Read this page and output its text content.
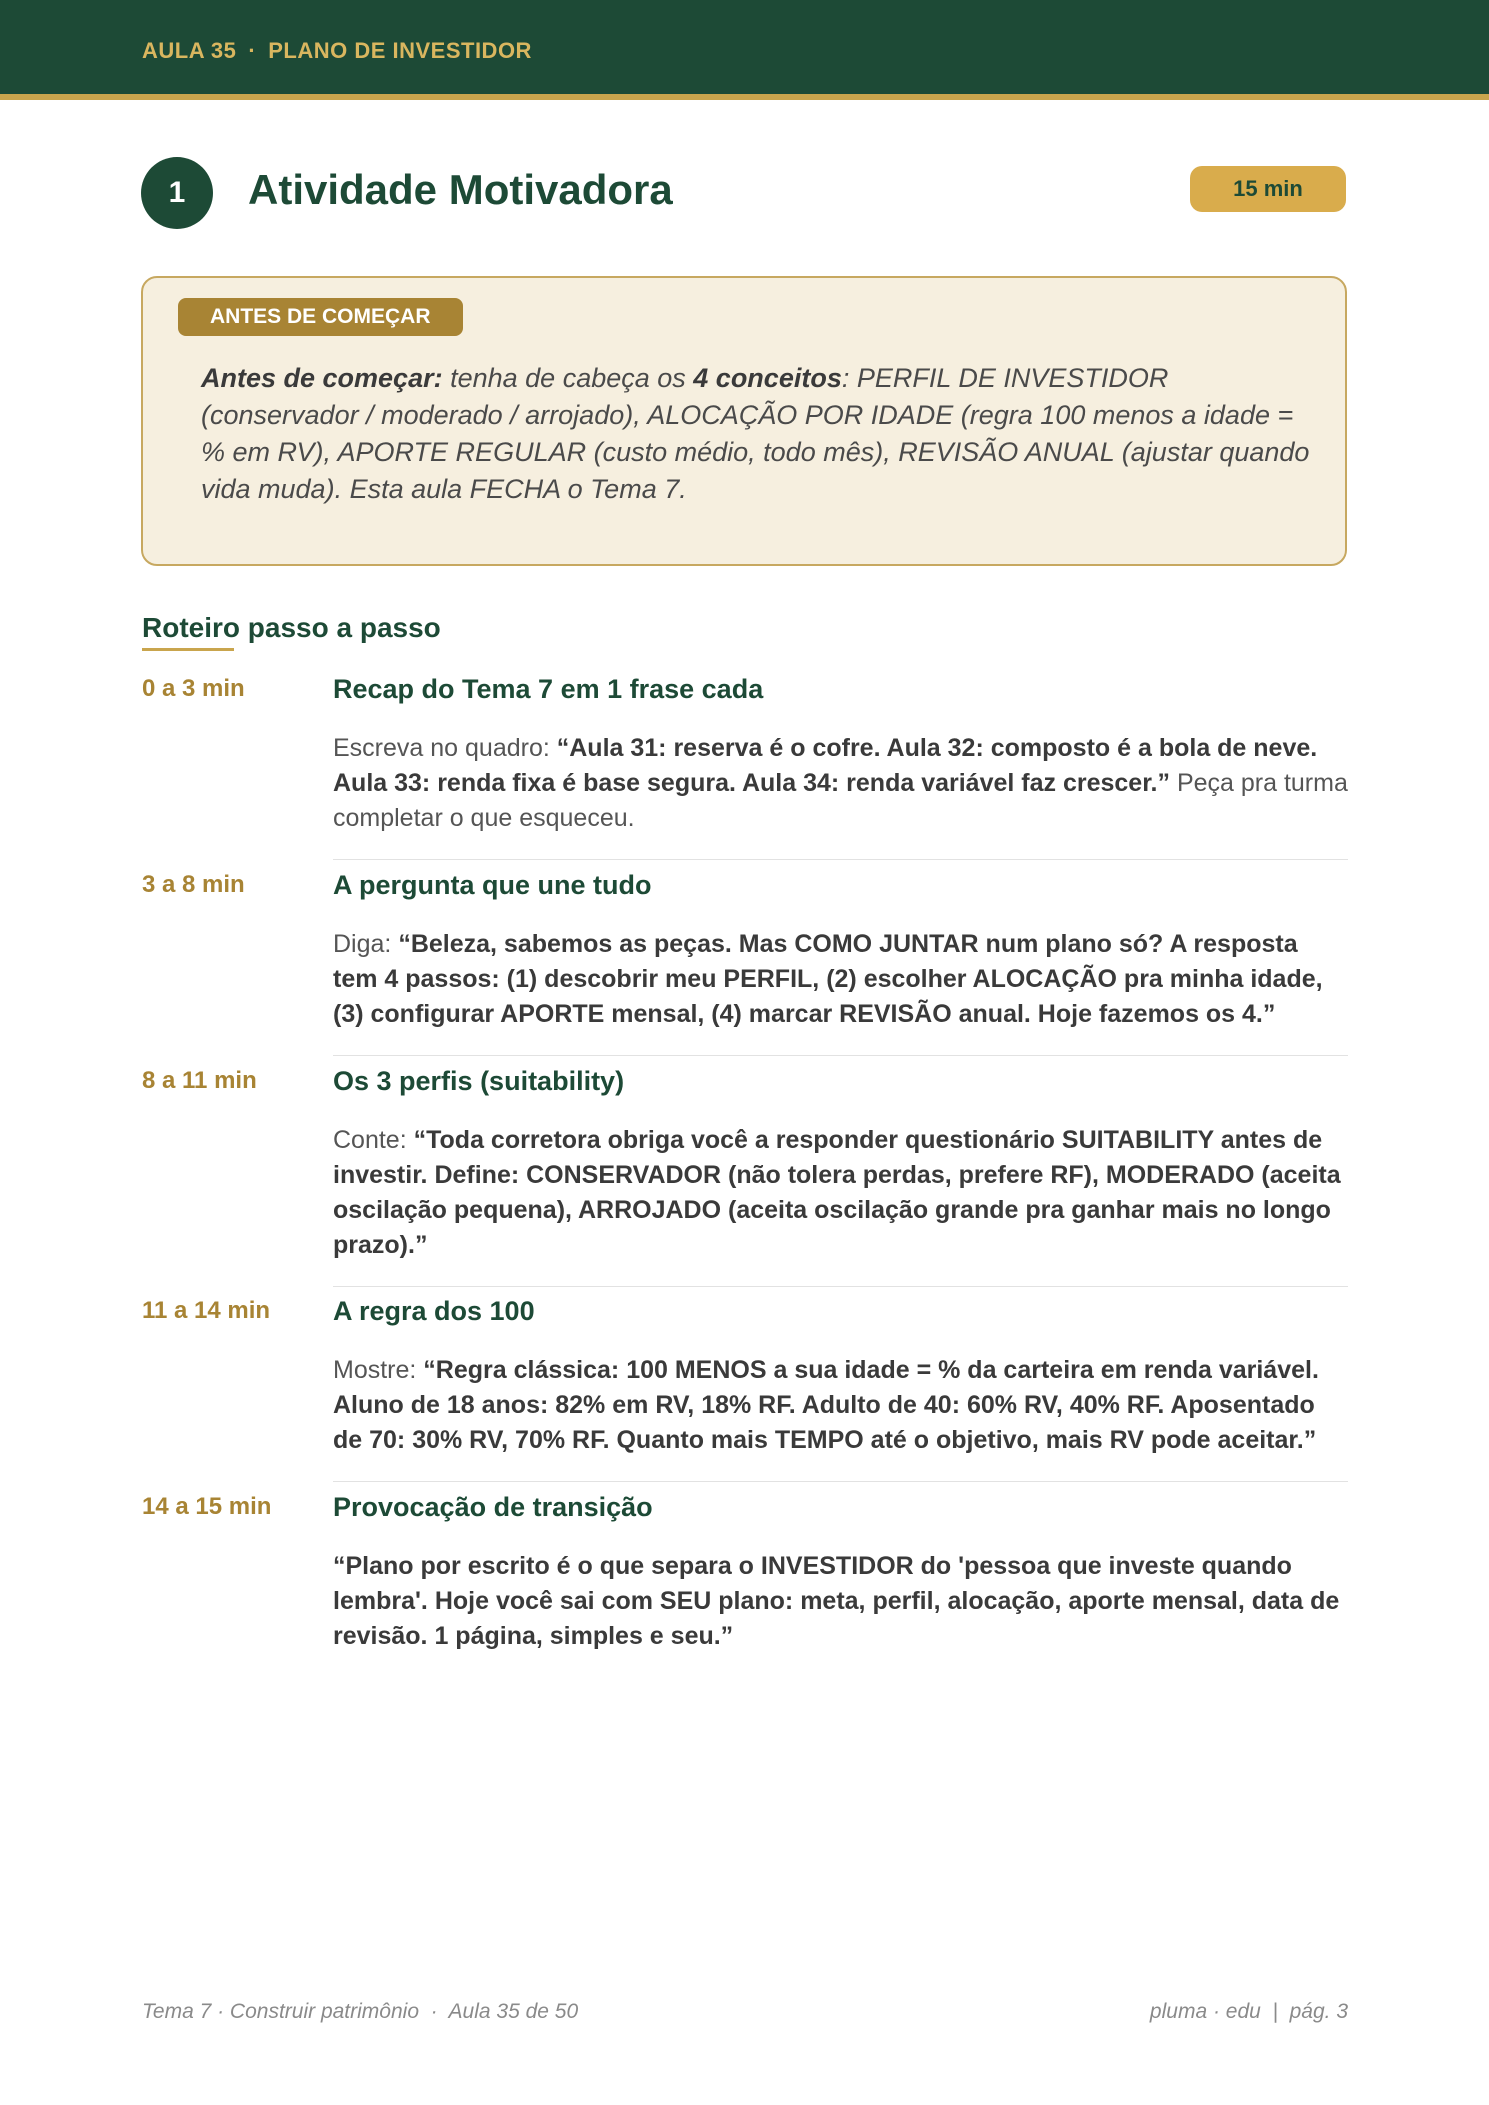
AULA 35 · PLANO DE INVESTIDOR
1	Atividade Motivadora	15 min
ANTES DE COMEÇAR

Antes de começar: tenha de cabeça os 4 conceitos: PERFIL DE INVESTIDOR (conservador / moderado / arrojado), ALOCAÇÃO POR IDADE (regra 100 menos a idade = % em RV), APORTE REGULAR (custo médio, todo mês), REVISÃO ANUAL (ajustar quando vida muda). Esta aula FECHA o Tema 7.

Roteiro passo a passo
0 a 3 min	Recap do Tema 7 em 1 frase cada

Escreva no quadro: “Aula 31: reserva é o cofre. Aula 32: composto é a bola de neve. Aula 33: renda fixa é base segura. Aula 34: renda variável faz crescer.” Peça pra turma completar o que esqueceu.

3 a 8 min	A pergunta que une tudo

Diga: “Beleza, sabemos as peças. Mas COMO JUNTAR num plano só? A resposta tem 4 passos: (1) descobrir meu PERFIL, (2) escolher ALOCAÇÃO pra minha idade, (3) configurar APORTE mensal, (4) marcar REVISÃO anual. Hoje fazemos os 4.”

8 a 11 min	Os 3 perfis (suitability)

Conte: “Toda corretora obriga você a responder questionário SUITABILITY antes de investir. Define: CONSERVADOR (não tolera perdas, prefere RF), MODERADO (aceita oscilação pequena), ARROJADO (aceita oscilação grande pra ganhar mais no longo prazo).”

11 a 14 min A regra dos 100

Mostre: “Regra clássica: 100 MENOS a sua idade = % da carteira em renda variável. Aluno de 18 anos: 82% em RV, 18% RF. Adulto de 40: 60% RV, 40% RF. Aposentado de 70: 30% RV, 70% RF. Quanto mais TEMPO até o objetivo, mais RV pode aceitar.”

14 a 15 min Provocação de transição

“Plano por escrito é o que separa o INVESTIDOR do 'pessoa que investe quando lembra'. Hoje você sai com SEU plano: meta, perfil, alocação, aporte mensal, data de revisão. 1 página, simples e seu.”

Tema 7 · Construir patrimônio  ·  Aula 35 de 50	pluma · edu  |  pág. 3
